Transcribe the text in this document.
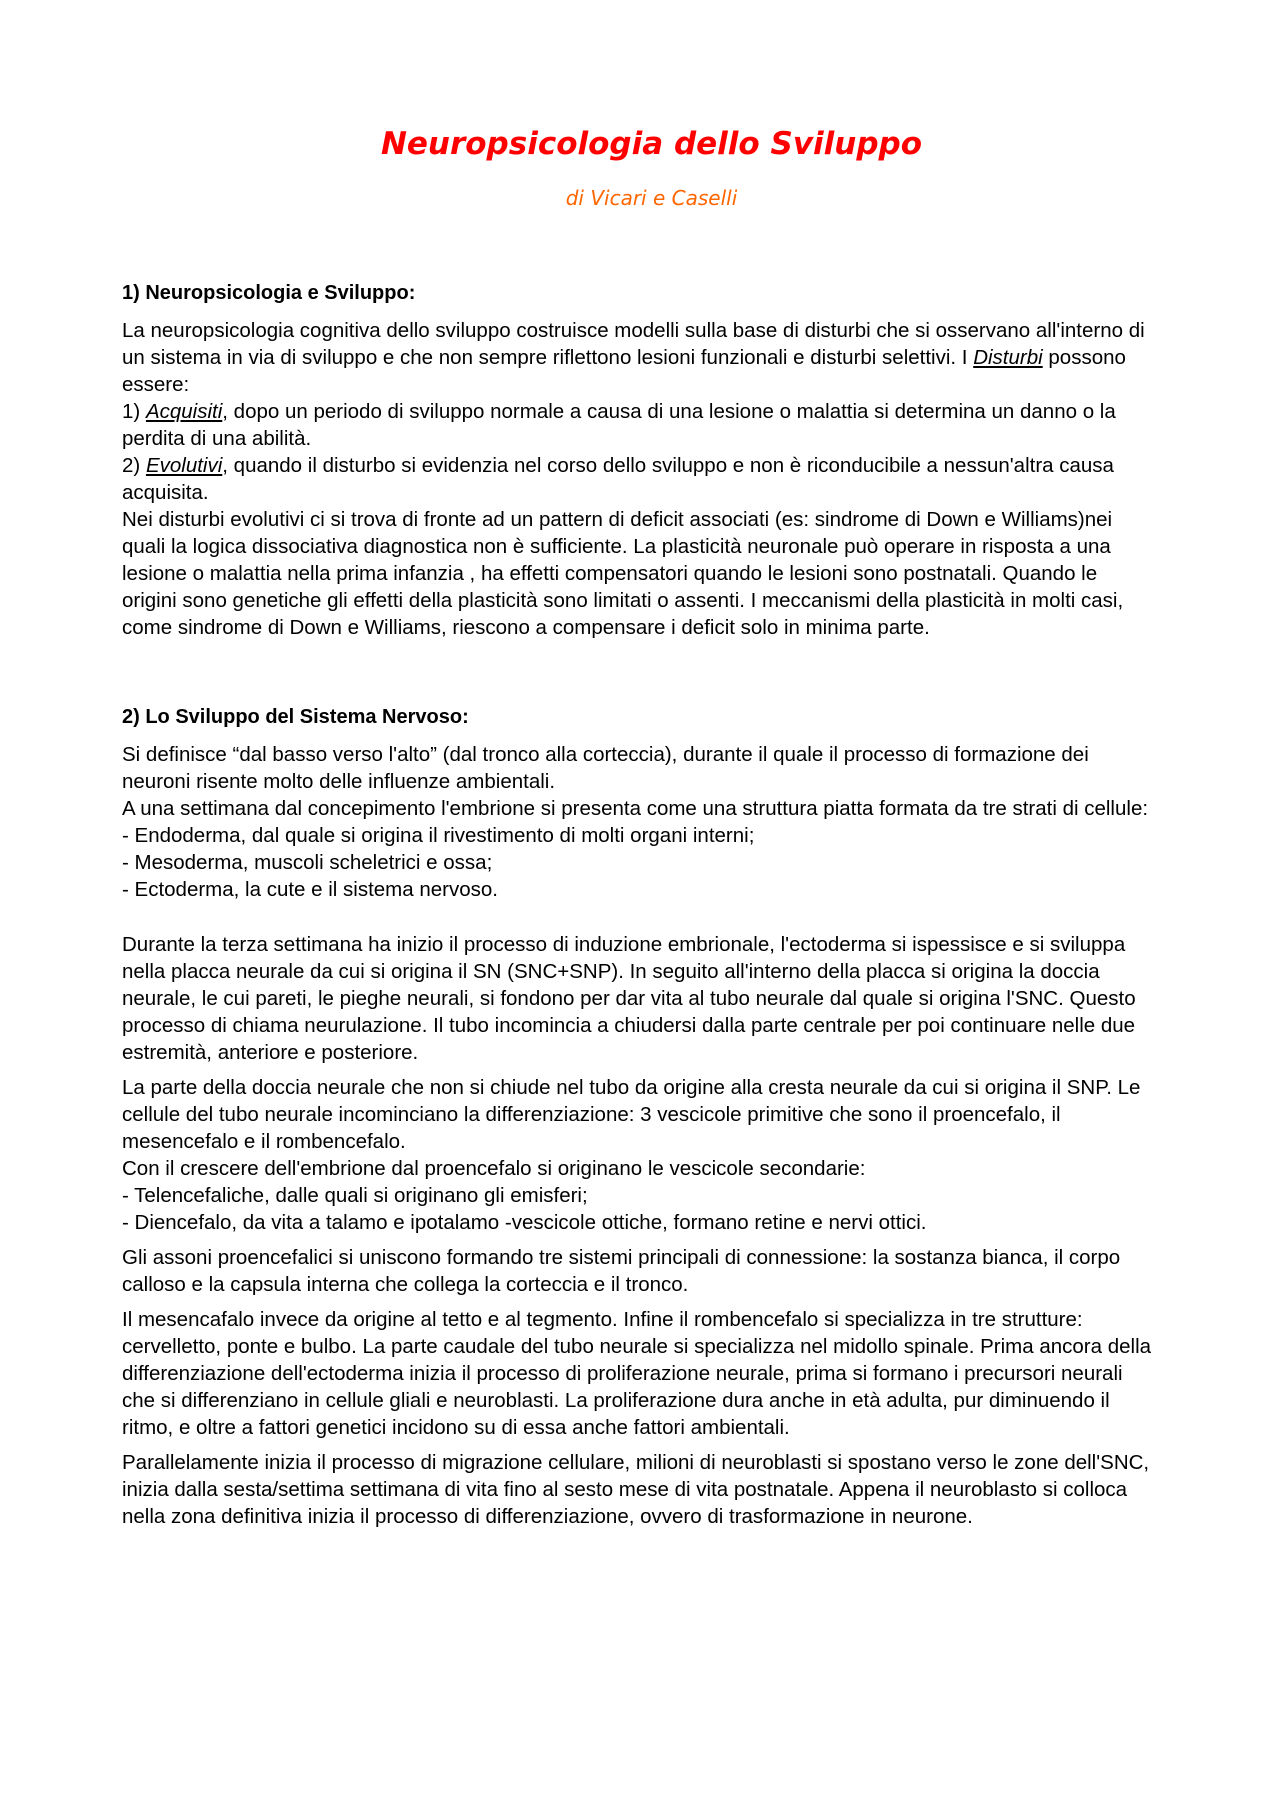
Neuropsicologia dello Sviluppo

di Vicari e Caselli

1) Neuropsicologia e Sviluppo:

La neuropsicologia cognitiva dello sviluppo costruisce modelli sulla base di disturbi che si osservano all'interno di un sistema in via di sviluppo e che non sempre riflettono lesioni funzionali e disturbi selettivi. I Disturbi possono essere:

1) Acquisiti, dopo un periodo di sviluppo normale a causa di una lesione o malattia si determina un danno o la perdita di una abilità.

2) Evolutivi, quando il disturbo si evidenzia nel corso dello sviluppo e non è riconducibile a nessun'altra causa acquisita.

Nei disturbi evolutivi ci si trova di fronte ad un pattern di deficit associati (es: sindrome di Down e Williams)nei quali la logica dissociativa diagnostica non è sufficiente. La plasticità neuronale può operare in risposta a una lesione o malattia nella prima infanzia , ha effetti compensatori quando le lesioni sono postnatali. Quando le origini sono genetiche gli effetti della plasticità sono limitati o assenti. I meccanismi della plasticità in molti casi, come sindrome di Down e Williams, riescono a compensare i deficit solo in minima parte.

2) Lo Sviluppo del Sistema Nervoso:

Si definisce “dal basso verso l'alto” (dal tronco alla corteccia), durante il quale il processo di formazione dei neuroni risente molto delle influenze ambientali.

A una settimana dal concepimento l'embrione si presenta come una struttura piatta formata da tre strati di cellule:

- Endoderma, dal quale si origina il rivestimento di molti organi interni;

- Mesoderma, muscoli scheletrici e ossa;

- Ectoderma, la cute e il sistema nervoso.

Durante la terza settimana ha inizio il processo di induzione embrionale, l'ectoderma si ispessisce e si sviluppa nella placca neurale da cui si origina il SN (SNC+SNP). In seguito all'interno della placca si origina la doccia neurale, le cui pareti, le pieghe neurali, si fondono per dar vita al tubo neurale dal quale si origina l'SNC. Questo processo di chiama neurulazione. Il tubo incomincia a chiudersi dalla parte centrale per poi continuare nelle due estremità, anteriore e posteriore.

La parte della doccia neurale che non si chiude nel tubo da origine alla cresta neurale da cui si origina il SNP. Le cellule del tubo neurale incominciano la differenziazione: 3 vescicole primitive che sono il proencefalo, il mesencefalo e il rombencefalo.

Con il crescere dell'embrione dal proencefalo si originano le vescicole secondarie:

- Telencefaliche, dalle quali si originano gli emisferi;

- Diencefalo, da vita a talamo e ipotalamo -vescicole ottiche, formano retine e nervi ottici.

Gli assoni proencefalici si uniscono formando tre sistemi principali di connessione: la sostanza bianca, il corpo calloso e la capsula interna che collega la corteccia e il tronco.

Il mesencafalo invece da origine al tetto e al tegmento. Infine il rombencefalo si specializza in tre strutture: cervelletto, ponte e bulbo. La parte caudale del tubo neurale si specializza nel midollo spinale. Prima ancora della differenziazione dell'ectoderma inizia il processo di proliferazione neurale, prima si formano i precursori neurali che si differenziano in cellule gliali e neuroblasti. La proliferazione dura anche in età adulta, pur diminuendo il ritmo, e oltre a fattori genetici incidono su di essa anche fattori ambientali.

Parallelamente inizia il processo di migrazione cellulare, milioni di neuroblasti si spostano verso le zone dell'SNC, inizia dalla sesta/settima settimana di vita fino al sesto mese di vita postnatale. Appena il neuroblasto si colloca nella zona definitiva inizia il processo di differenziazione, ovvero di trasformazione in neurone.
